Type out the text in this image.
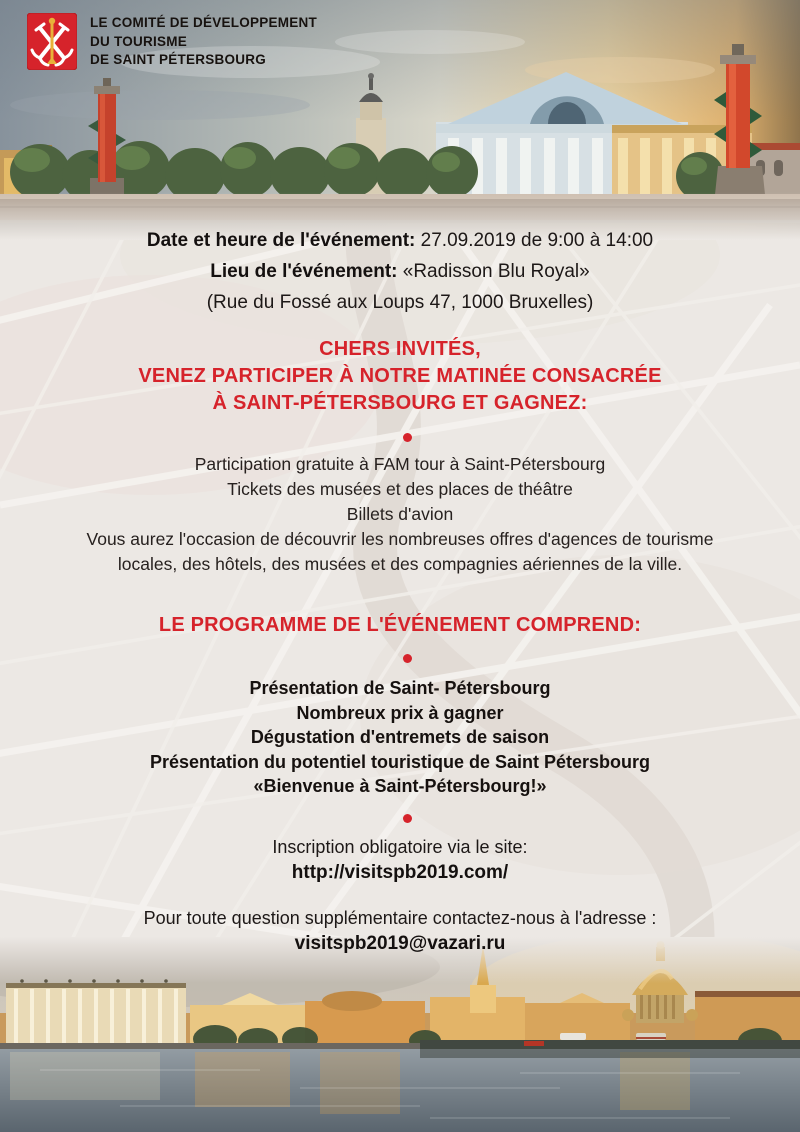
LE COMITÉ DE DÉVELOPPEMENT
DU TOURISME
DE SAINT PÉTERSBOURG
Date et heure de l'événement: 27.09.2019 de 9:00 à 14:00
Lieu de l'événement: «Radisson Blu Royal»
(Rue du Fossé aux Loups 47, 1000 Bruxelles)
CHERS INVITÉS,
VENEZ PARTICIPER À NOTRE MATINÉE CONSACRÉE
À SAINT-PÉTERSBOURG ET GAGNEZ:
Participation gratuite à FAM tour à Saint-Pétersbourg
Tickets des musées et des places de théâtre
Billets d'avion
Vous aurez l'occasion de découvrir les nombreuses offres d'agences de tourisme
locales, des hôtels, des musées et des compagnies aériennes de la ville.
LE PROGRAMME DE L'ÉVÉNEMENT COMPREND:
Présentation de Saint- Pétersbourg
Nombreux prix à gagner
Dégustation d'entremets de saison
Présentation du potentiel touristique de Saint Pétersbourg
«Bienvenue à Saint-Pétersbourg!»
Inscription obligatoire via le site:
http://visitspb2019.com/
Pour toute question supplémentaire contactez-nous à l'adresse :
visitspb2019@vazari.ru
